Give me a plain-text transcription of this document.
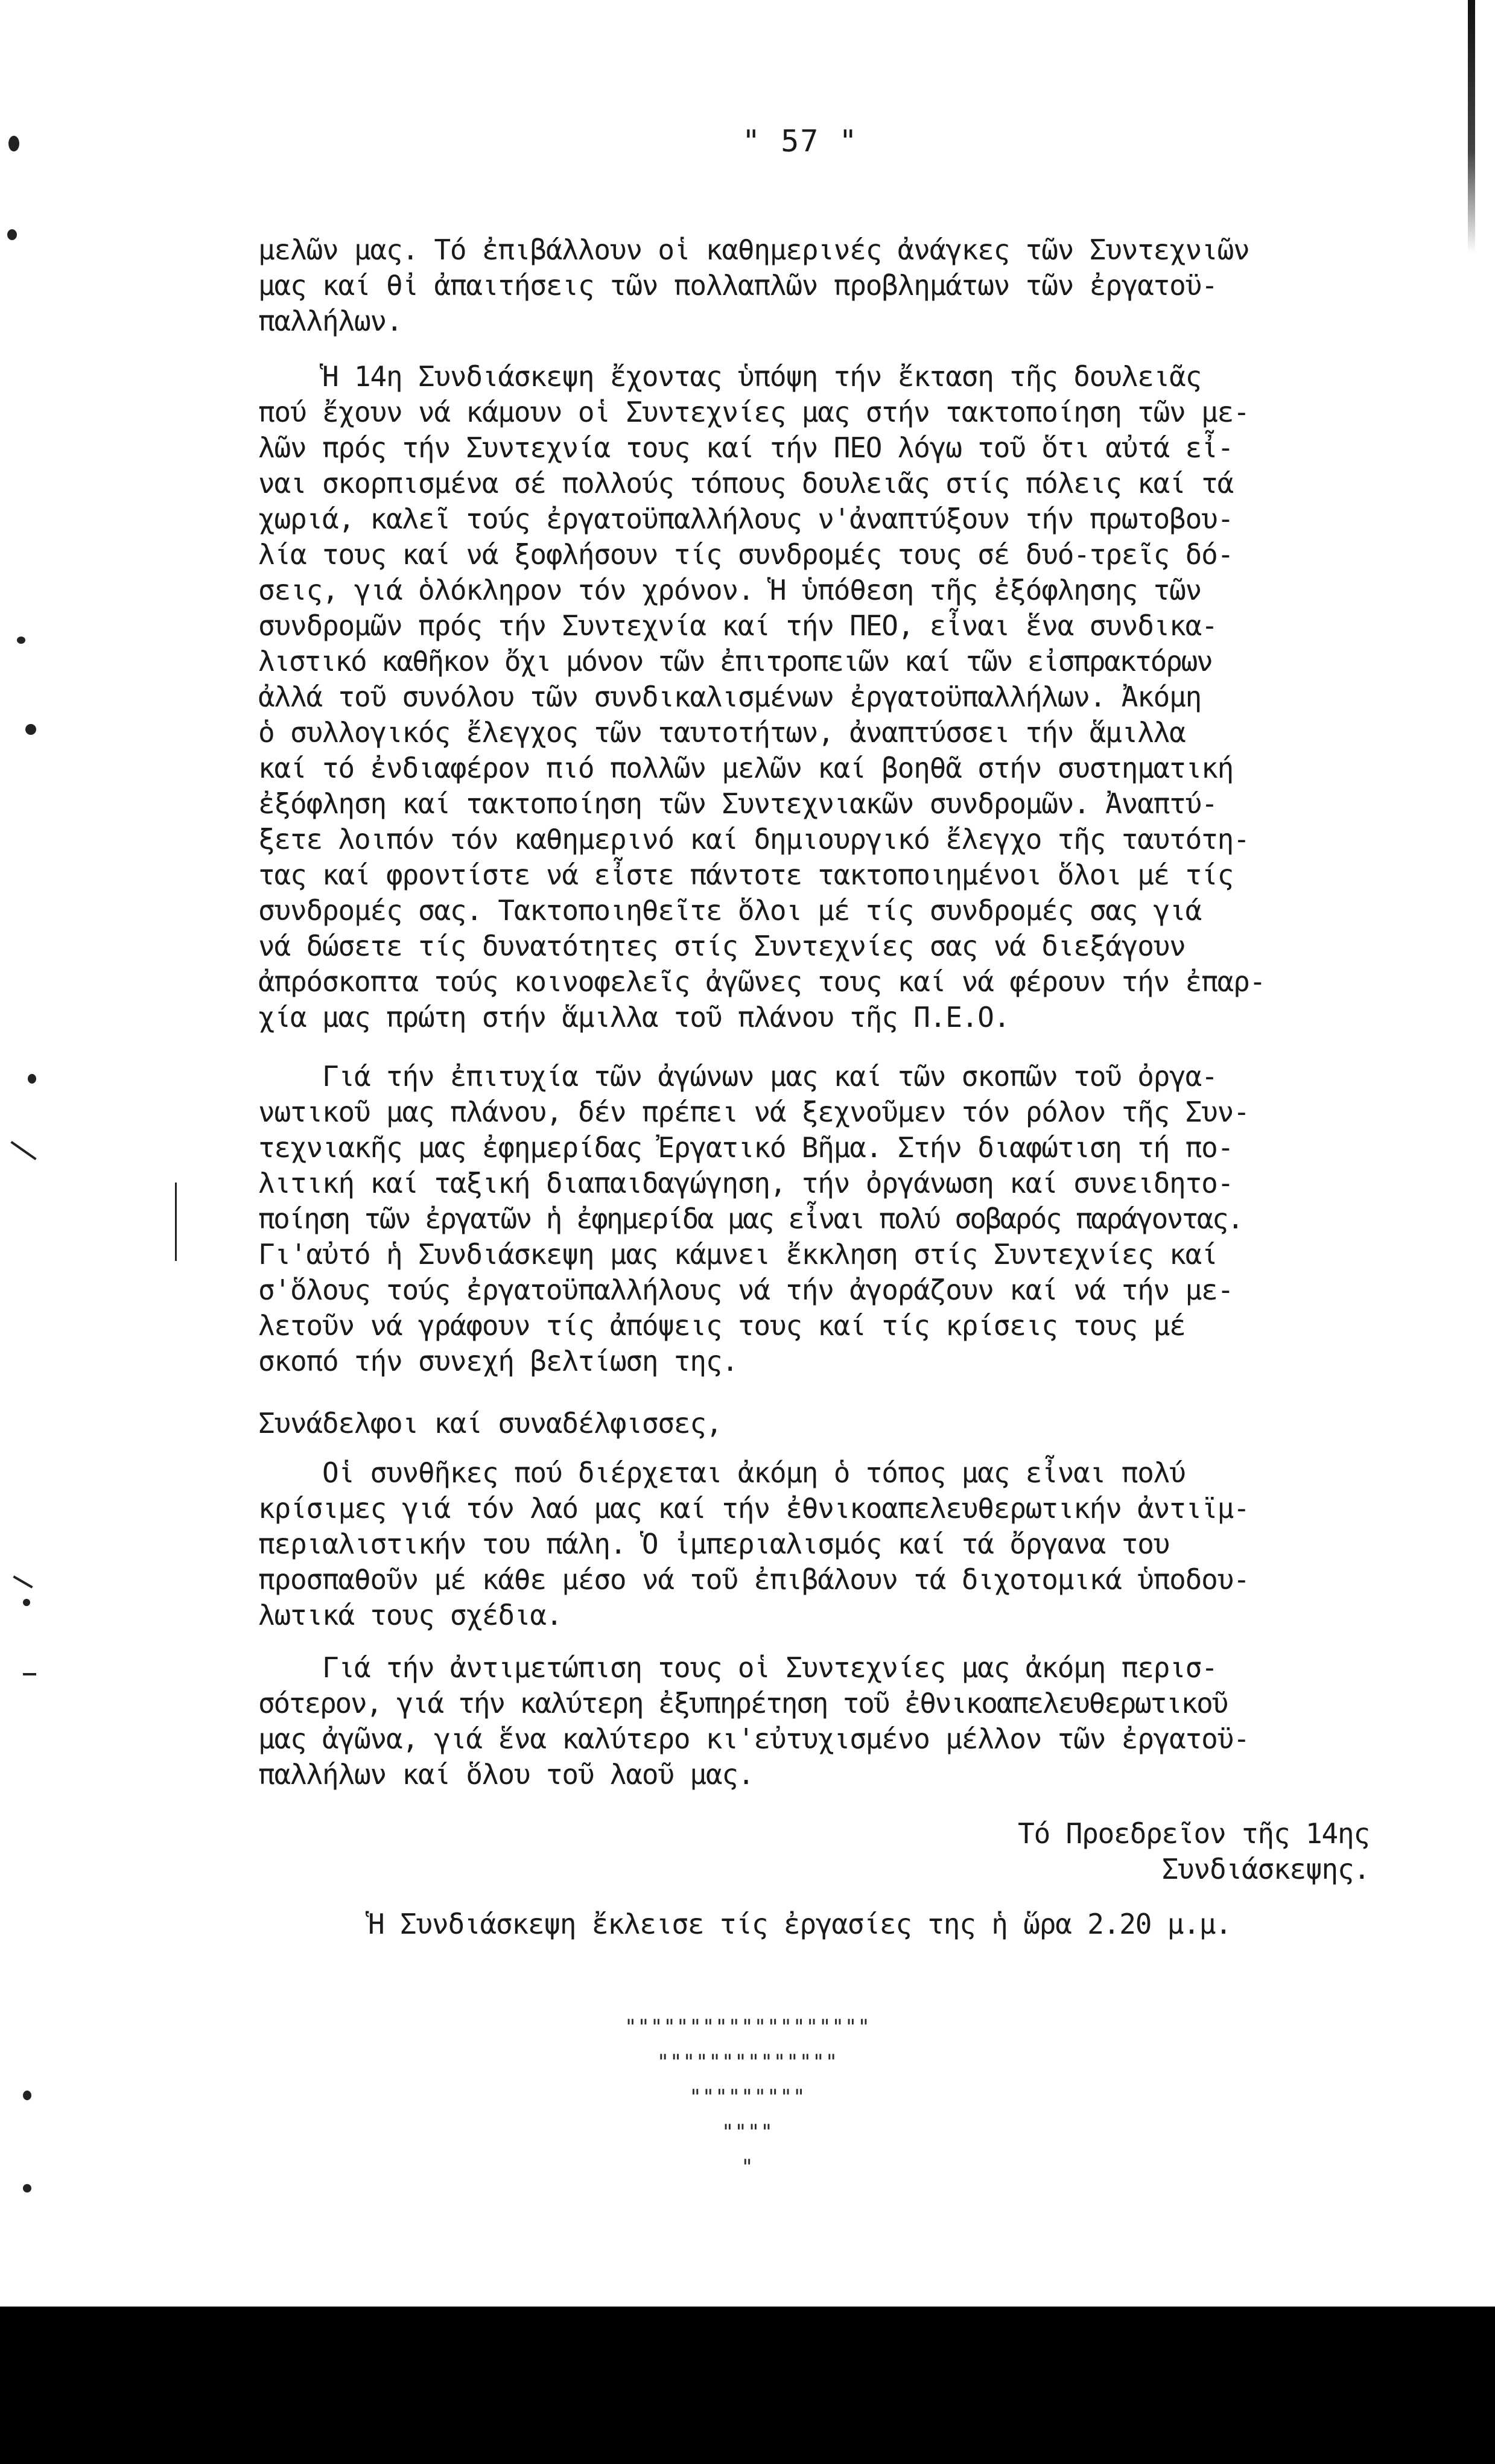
" 57 "
μελῶν μας. Τό ἐπιβάλλουν οἱ καθημερινές ἀνάγκες τῶν Συντεχνιῶν
μας καί θἰ ἀπαιτήσεις τῶν πολλαπλῶν προβλημάτων τῶν ἐργατοϋ-
παλλήλων.
Ἡ 14η Συνδιάσκεψη ἔχοντας ὑπόψη τήν ἔκταση τῆς δουλειᾶς
πού ἔχουν νά κάμουν οἱ Συντεχνίες μας στήν τακτοποίηση τῶν με-
λῶν πρός τήν Συντεχνία τους καί τήν ΠΕΟ λόγω τοῦ ὅτι αὐτά εἶ-
ναι σκορπισμένα σέ πολλούς τόπους δουλειᾶς στίς πόλεις καί τά
χωριά, καλεῖ τούς ἐργατοϋπαλλήλους ν'ἀναπτύξουν τήν πρωτοβου-
λία τους καί νά ξοφλήσουν τίς συνδρομές τους σέ δυό-τρεῖς δό-
σεις, γιά ὁλόκληρον τόν χρόνον. Ἡ ὑπόθεση τῆς ἐξόφλησης τῶν
συνδρομῶν πρός τήν Συντεχνία καί τήν ΠΕΟ, εἶναι ἕνα συνδικα-
λιστικό καθῆκον ὄχι μόνον τῶν ἐπιτροπειῶν καί τῶν εἰσπρακτόρων
ἀλλά τοῦ συνόλου τῶν συνδικαλισμένων ἐργατοϋπαλλήλων. Ἀκόμη
ὁ συλλογικός ἔλεγχος τῶν ταυτοτήτων, ἀναπτύσσει τήν ἅμιλλα
καί τό ἐνδιαφέρον πιό πολλῶν μελῶν καί βοηθᾶ στήν συστηματική
ἐξόφληση καί τακτοποίηση τῶν Συντεχνιακῶν συνδρομῶν. Ἀναπτύ-
ξετε λοιπόν τόν καθημερινό καί δημιουργικό ἔλεγχο τῆς ταυτότη-
τας καί φροντίστε νά εἶστε πάντοτε τακτοποιημένοι ὅλοι μέ τίς
συνδρομές σας. Τακτοποιηθεῖτε ὅλοι μέ τίς συνδρομές σας γιά
νά δώσετε τίς δυνατότητες στίς Συντεχνίες σας νά διεξάγουν
ἀπρόσκοπτα τούς κοινοφελεῖς ἀγῶνες τους καί νά φέρουν τήν ἐπαρ-
χία μας πρώτη στήν ἅμιλλα τοῦ πλάνου τῆς Π.Ε.Ο.
Γιά τήν ἐπιτυχία τῶν ἀγώνων μας καί τῶν σκοπῶν τοῦ ὀργα-
νωτικοῦ μας πλάνου, δέν πρέπει νά ξεχνοῦμεν τόν ρόλον τῆς Συν-
τεχνιακῆς μας ἐφημερίδας Ἐργατικό Βῆμα. Στήν διαφώτιση τή πο-
λιτική καί ταξική διαπαιδαγώγηση, τήν ὀργάνωση καί συνειδητο-
ποίηση τῶν ἐργατῶν ἡ ἐφημερίδα μας εἶναι πολύ σοβαρός παράγοντας.
Γι'αὐτό ἡ Συνδιάσκεψη μας κάμνει ἔκκληση στίς Συντεχνίες καί
σ'ὅλους τούς ἐργατοϋπαλλήλους νά τήν ἀγοράζουν καί νά τήν με-
λετοῦν νά γράφουν τίς ἀπόψεις τους καί τίς κρίσεις τους μέ
σκοπό τήν συνεχή βελτίωση της.
Συνάδελφοι καί συναδέλφισσες,
Οἱ συνθῆκες πού διέρχεται ἀκόμη ὁ τόπος μας εἶναι πολύ
κρίσιμες γιά τόν λαό μας καί τήν ἐθνικοαπελευθερωτικήν ἀντιϊμ-
περιαλιστικήν του πάλη. Ὁ ἰμπεριαλισμός καί τά ὄργανα του
προσπαθοῦν μέ κάθε μέσο νά τοῦ ἐπιβάλουν τά διχοτομικά ὑποδου-
λωτικά τους σχέδια.
Γιά τήν ἀντιμετώπιση τους οἱ Συντεχνίες μας ἀκόμη περισ-
σότερον, γιά τήν καλύτερη ἐξυπηρέτηση τοῦ ἐθνικοαπελευθερωτικοῦ
μας ἀγῶνα, γιά ἕνα καλύτερο κι'εὐτυχισμένο μέλλον τῶν ἐργατοϋ-
παλλήλων καί ὅλου τοῦ λαοῦ μας.
Τό Προεδρεῖον τῆς 14ης
Συνδιάσκεψης.
Ἡ Συνδιάσκεψη ἔκλεισε τίς ἐργασίες της ἡ ὥρα 2.20 μ.μ.
"""""""""""""""""""
""""""""""""""
"""""""""
""""
"
